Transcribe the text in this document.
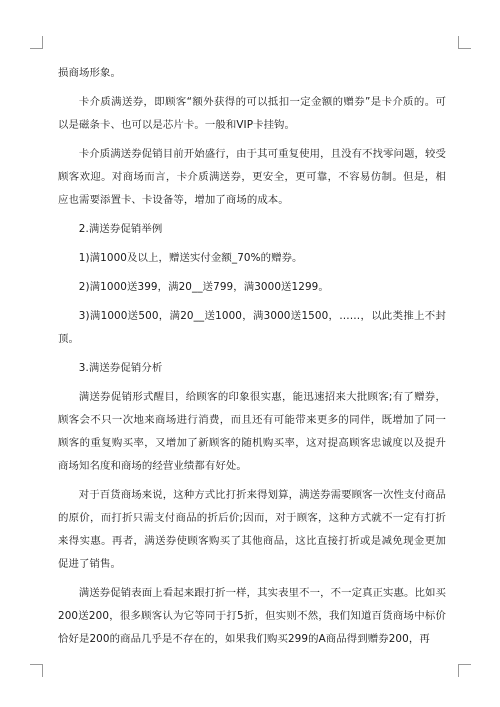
损商场形象。

卡介质满送券，即顾客“额外获得的可以抵扣一定金额的赠券”是卡介质的。可以是磁条卡、也可以是芯片卡。一般和VIP卡挂钩。

卡介质满送券促销目前开始盛行，由于其可重复使用，且没有不找零问题，较受顾客欢迎。对商场而言，卡介质满送券，更安全，更可靠，不容易仿制。但是，相应也需要添置卡、卡设备等，增加了商场的成本。

2.满送券促销举例

1)满1000及以上，赠送实付金额_70%的赠券。

2)满1000送399，满20__送799，满3000送1299。

3)满1000送500，满20__送1000，满3000送1500，……，以此类推上不封顶。

3.满送券促销分析

满送券促销形式醒目，给顾客的印象很实惠，能迅速招来大批顾客;有了赠券，顾客会不只一次地来商场进行消费，而且还有可能带来更多的同伴，既增加了同一顾客的重复购买率，又增加了新顾客的随机购买率，这对提高顾客忠诚度以及提升商场知名度和商场的经营业绩都有好处。

对于百货商场来说，这种方式比打折来得划算，满送券需要顾客一次性支付商品的原价，而打折只需支付商品的折后价;因而，对于顾客，这种方式就不一定有打折来得实惠。再者，满送券使顾客购买了其他商品，这比直接打折或是减免现金更加促进了销售。

满送券促销表面上看起来跟打折一样，其实表里不一，不一定真正实惠。比如买200送200，很多顾客认为它等同于打5折，但实则不然，我们知道百货商场中标价恰好是200的商品几乎是不存在的，如果我们购买299的A商品得到赠券200，再
